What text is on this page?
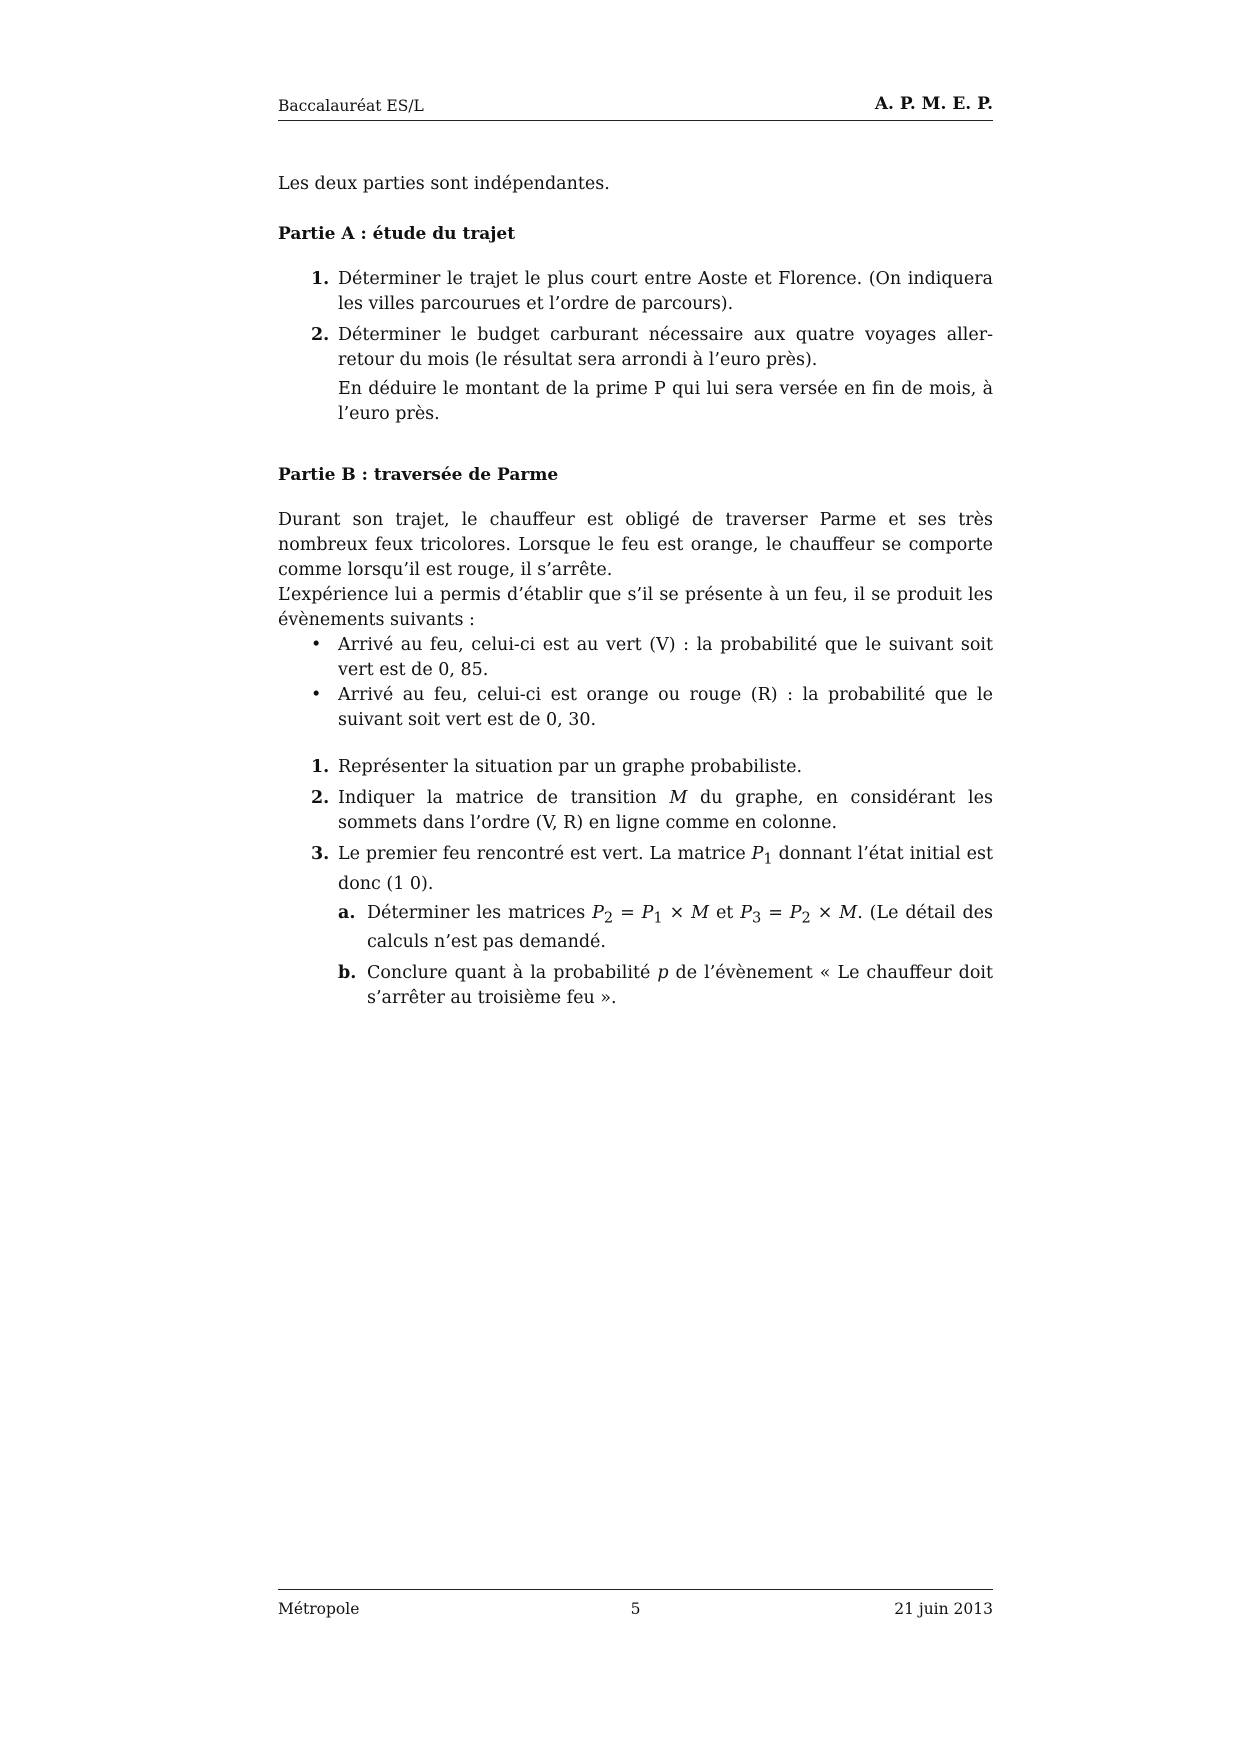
Baccalauréat ES/L	A. P. M. E. P.

Les deux parties sont indépendantes.

Partie A : étude du trajet

1. Déterminer le trajet le plus court entre Aoste et Florence. (On indiquera les villes parcourues et l’ordre de parcours).
2. Déterminer le budget carburant nécessaire aux quatre voyages aller-retour du mois (le résultat sera arrondi à l’euro près).

En déduire le montant de la prime P qui lui sera versée en fin de mois, à l’euro près.

Partie B : traversée de Parme

Durant son trajet, le chauffeur est obligé de traverser Parme et ses très nombreux feux tricolores. Lorsque le feu est orange, le chauffeur se comporte comme lorsqu’il est rouge, il s’arrête.

L’expérience lui a permis d’établir que s’il se présente à un feu, il se produit les évènements suivants :

• Arrivé au feu, celui-ci est au vert (V) : la probabilité que le suivant soit vert est de 0, 85.
• Arrivé au feu, celui-ci est orange ou rouge (R) : la probabilité que le suivant soit vert est de 0, 30.
1. Représenter la situation par un graphe probabiliste.
2. Indiquer la matrice de transition M du graphe, en considérant les sommets dans l’ordre (V, R) en ligne comme en colonne.
3. Le premier feu rencontré est vert. La matrice $P_1$ donnant l’état initial est donc (1 0).
a. Déterminer les matrices $P_2 = P_1 \times M$ et $P_3 = P_2 \times M$. (Le détail des calculs n’est pas demandé.
b. Conclure quant à la probabilité p de l’évènement « Le chauffeur doit s’arrêter au troisième feu ».
Métropole	5	21 juin 2013
